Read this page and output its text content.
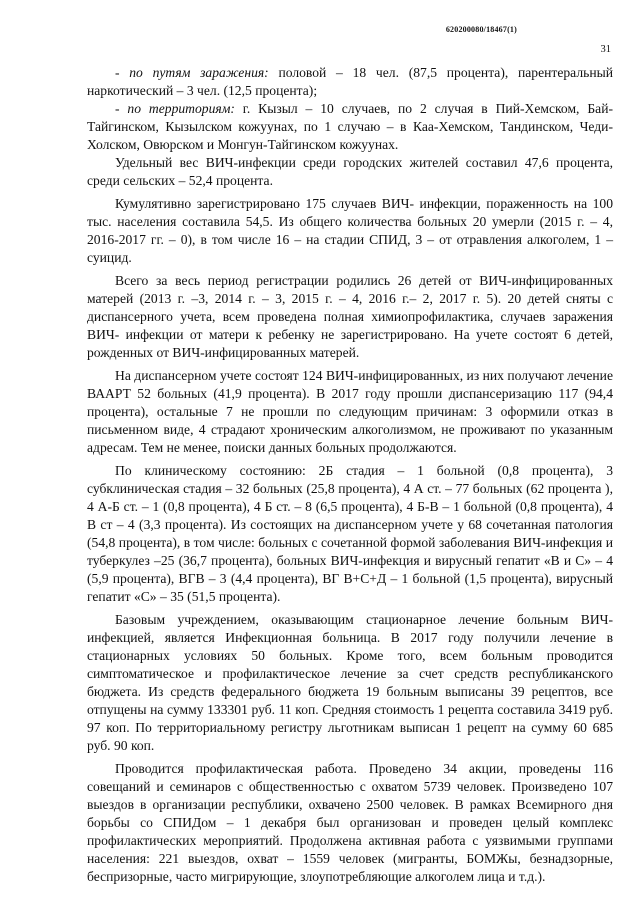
620200080/18467(1)
31

- по путям заражения: половой – 18 чел. (87,5 процента), парентеральный наркотический – 3 чел. (12,5 процента);

- по территориям: г. Кызыл – 10 случаев, по 2 случая в Пий-Хемском, Бай-Тайгинском, Кызылском кожуунах, по 1 случаю – в Каа-Хемском, Тандинском, Чеди-Холском, Овюрском и Монгун-Тайгинском кожуунах.

Удельный вес ВИЧ-инфекции среди городских жителей составил 47,6 процента, среди сельских – 52,4 процента.

Кумулятивно зарегистрировано 175 случаев ВИЧ- инфекции, пораженность на 100 тыс. населения составила 54,5. Из общего количества больных 20 умерли (2015 г. – 4, 2016-2017 гг. – 0), в том числе 16 – на стадии СПИД, 3 – от отравления алкоголем, 1 – суицид.

Всего за весь период регистрации родились 26 детей от ВИЧ-инфицированных матерей (2013 г. –3, 2014 г. – 3, 2015 г. – 4, 2016 г.– 2, 2017 г. 5). 20 детей сняты с диспансерного учета, всем проведена полная химиопрофилактика, случаев заражения ВИЧ- инфекции от матери к ребенку не зарегистрировано. На учете состоят 6 детей, рожденных от ВИЧ-инфицированных матерей.

На диспансерном учете состоят 124 ВИЧ-инфицированных, из них получают лечение ВААРТ 52 больных (41,9 процента). В 2017 году прошли диспансеризацию 117 (94,4 процента), остальные 7 не прошли по следующим причинам: 3 оформили отказ в письменном виде, 4 страдают хроническим алкоголизмом, не проживают по указанным адресам. Тем не менее, поиски данных больных продолжаются.

По клиническому состоянию: 2Б стадия – 1 больной (0,8 процента), 3 субклиническая стадия – 32 больных (25,8 процента), 4 А ст. – 77 больных (62 процента ), 4 А-Б ст. – 1 (0,8 процента), 4 Б ст. – 8 (6,5 процента), 4 Б-В – 1 больной (0,8 процента), 4 В ст – 4 (3,3 процента). Из состоящих на диспансерном учете у 68 сочетанная патология (54,8 процента), в том числе: больных с сочетанной формой заболевания ВИЧ-инфекция и туберкулез –25 (36,7 процента), больных ВИЧ-инфекция и вирусный гепатит «В и С» – 4 (5,9 процента), ВГВ – 3 (4,4 процента), ВГ В+С+Д – 1 больной (1,5 процента), вирусный гепатит «С» – 35 (51,5 процента).

Базовым учреждением, оказывающим стационарное лечение больным ВИЧ-инфекцией, является Инфекционная больница. В 2017 году получили лечение в стационарных условиях 50 больных. Кроме того, всем больным проводится симптоматическое и профилактическое лечение за счет средств республиканского бюджета. Из средств федерального бюджета 19 больным выписаны 39 рецептов, все отпущены на сумму 133301 руб. 11 коп. Средняя стоимость 1 рецепта составила 3419 руб. 97 коп. По территориальному регистру льготникам выписан 1 рецепт на сумму 60 685 руб. 90 коп.

Проводится профилактическая работа. Проведено 34 акции, проведены 116 совещаний и семинаров с общественностью с охватом 5739 человек. Произведено 107 выездов в организации республики, охвачено 2500 человек. В рамках Всемирного дня борьбы со СПИДом – 1 декабря был организован и проведен целый комплекс профилактических мероприятий. Продолжена активная работа с уязвимыми группами населения: 221 выездов, охват – 1559 человек (мигранты, БОМЖы, безнадзорные, беспризорные, часто мигрирующие, злоупотребляющие алкоголем лица и т.д.).
